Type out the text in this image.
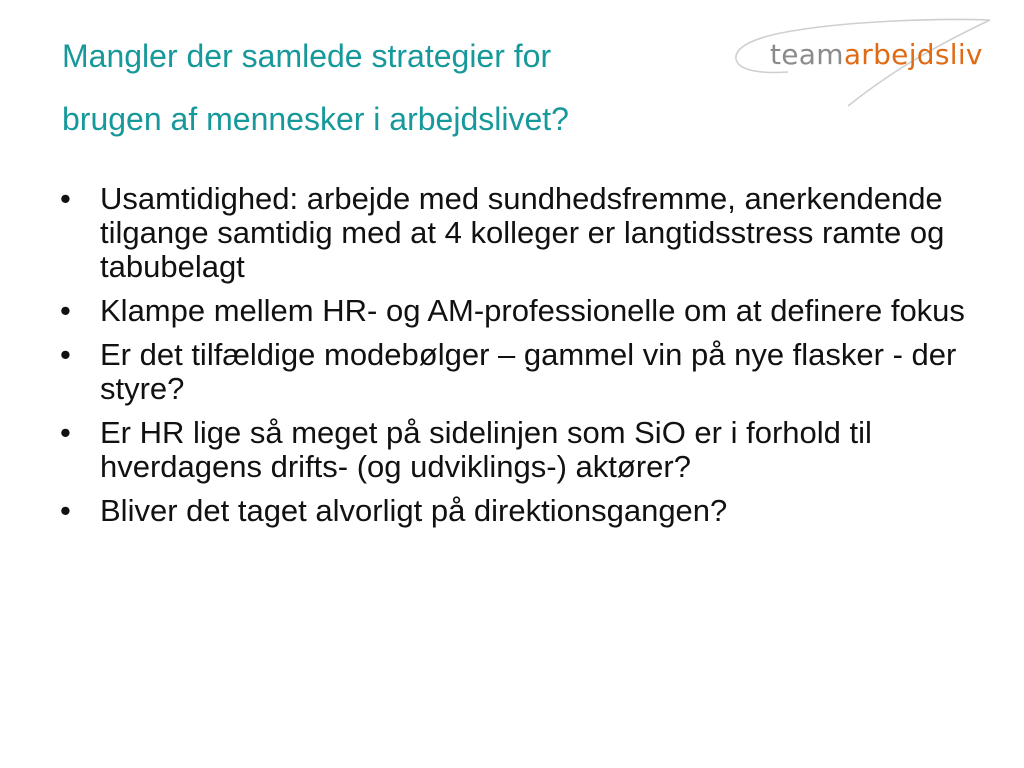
Mangler der samlede strategier for
brugen af mennesker i arbejdslivet?
teamarbejdsliv
• Usamtidighed: arbejde med sundhedsfremme, anerkendende tilgange samtidig med at 4 kolleger er langtidsstress ramte og tabubelagt
• Klampe mellem HR- og AM-professionelle om at definere fokus
• Er det tilfældige modebølger – gammel vin på nye flasker - der styre?
• Er HR lige så meget på sidelinjen som SiO er i forhold til hverdagens drifts- (og udviklings-) aktører?
• Bliver det taget alvorligt på direktionsgangen?
